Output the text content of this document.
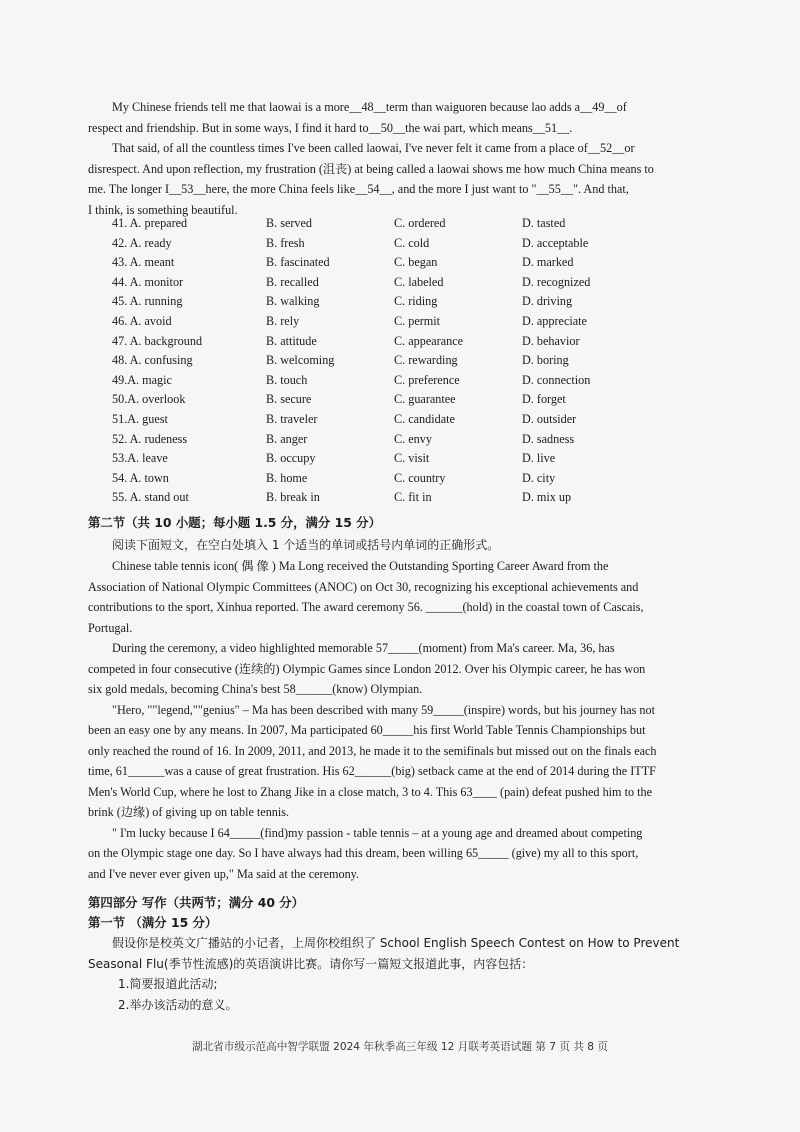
My Chinese friends tell me that laowai is a more__48__term than waiguoren because lao adds a__49__of
respect and friendship. But in some ways, I find it hard to__50__the wai part, which means__51__.
That said, of all the countless times I've been called laowai, I've never felt it came from a place of__52__or
disrespect. And upon reflection, my frustration (沮丧) at being called a laowai shows me how much China means to
me. The longer I__53__here, the more China feels like__54__, and the more I just want to "__55__". And that,
I think, is something beautiful.
41. A. prepared	B. served	C. ordered	D. tasted
42. A. ready	B. fresh	C. cold	D. acceptable
43. A. meant	B. fascinated	C. began	D. marked
44. A. monitor	B. recalled	C. labeled	D. recognized
45. A. running	B. walking	C. riding	D. driving
46. A. avoid	B. rely	C. permit	D. appreciate
47. A. background	B. attitude	C. appearance	D. behavior
48. A. confusing	B. welcoming	C. rewarding	D. boring
49.A. magic	B. touch	C. preference	D. connection
50.A. overlook	B. secure	C. guarantee	D. forget
51.A. guest	B. traveler	C. candidate	D. outsider
52. A. rudeness	B. anger	C. envy	D. sadness
53.A. leave	B. occupy	C. visit	D. live
54. A. town	B. home	C. country	D. city
55. A. stand out	B. break in	C. fit in	D. mix up
第二节（共 10 小题；每小题 1.5 分，满分 15 分）
阅读下面短文，在空白处填入 1 个适当的单词或括号内单词的正确形式。
Chinese table tennis icon( 偶 像 ) Ma Long received the Outstanding Sporting Career Award from the
Association of National Olympic Committees (ANOC) on Oct 30, recognizing his exceptional achievements and
contributions to the sport, Xinhua reported. The award ceremony 56. ______(hold) in the coastal town of Cascais,
Portugal.
During the ceremony, a video highlighted memorable 57_____(moment) from Ma's career. Ma, 36, has
competed in four consecutive (连续的) Olympic Games since London 2012. Over his Olympic career, he has won
six gold medals, becoming China's best 58______(know) Olympian.
"Hero, ""legend,""genius" – Ma has been described with many 59_____(inspire) words, but his journey has not
been an easy one by any means. In 2007, Ma participated 60_____his first World Table Tennis Championships but
only reached the round of 16. In 2009, 2011, and 2013, he made it to the semifinals but missed out on the finals each
time, 61______was a cause of great frustration. His 62______(big) setback came at the end of 2014 during the ITTF
Men's World Cup, where he lost to Zhang Jike in a close match, 3 to 4. This 63____ (pain) defeat pushed him to the
brink (边缘) of giving up on table tennis.
" I'm lucky because I 64_____(find)my passion - table tennis – at a young age and dreamed about competing
on the Olympic stage one day. So I have always had this dream, been willing 65_____ (give) my all to this sport,
and I've never ever given up," Ma said at the ceremony.
第四部分 写作（共两节；满分 40 分）
第一节 （满分 15 分）
假设你是校英文广播站的小记者，上周你校组织了 School English Speech Contest on How to Prevent
Seasonal Flu(季节性流感)的英语演讲比赛。请你写一篇短文报道此事，内容包括：
1.简要报道此活动;
2.举办该活动的意义。
湖北省市级示范高中智学联盟 2024 年秋季高三年级 12 月联考英语试题 第 7 页 共 8 页
